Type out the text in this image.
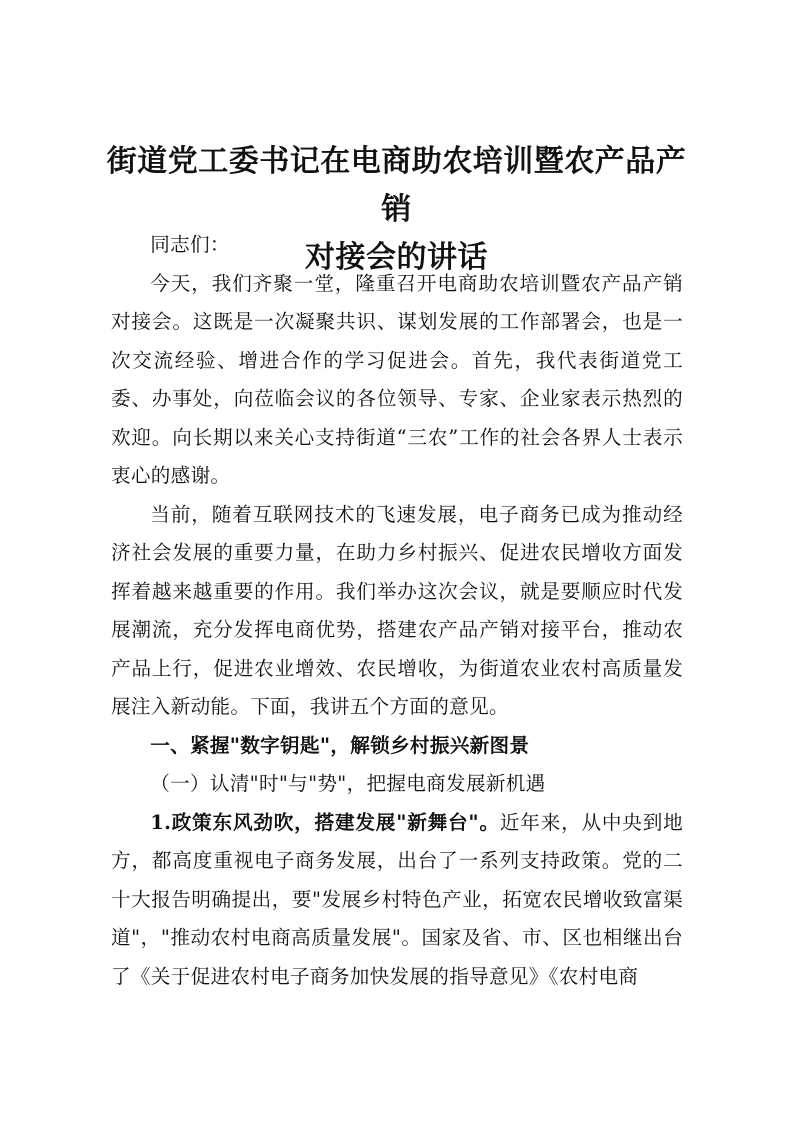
街道党工委书记在电商助农培训暨农产品产销
对接会的讲话

同志们：

今天，我们齐聚一堂，隆重召开电商助农培训暨农产品产销对接会。这既是一次凝聚共识、谋划发展的工作部署会，也是一次交流经验、增进合作的学习促进会。首先，我代表街道党工委、办事处，向莅临会议的各位领导、专家、企业家表示热烈的欢迎。向长期以来关心支持街道“三农”工作的社会各界人士表示衷心的感谢。

当前，随着互联网技术的飞速发展，电子商务已成为推动经济社会发展的重要力量，在助力乡村振兴、促进农民增收方面发挥着越来越重要的作用。我们举办这次会议，就是要顺应时代发展潮流，充分发挥电商优势，搭建农产品产销对接平台，推动农产品上行，促进农业增效、农民增收，为街道农业农村高质量发展注入新动能。下面，我讲五个方面的意见。

一、紧握"数字钥匙"，解锁乡村振兴新图景

（一）认清"时"与"势"，把握电商发展新机遇

1.政策东风劲吹，搭建发展"新舞台"。近年来，从中央到地方，都高度重视电子商务发展，出台了一系列支持政策。党的二十大报告明确提出，要"发展乡村特色产业，拓宽农民增收致富渠道"，"推动农村电商高质量发展"。国家及省、市、区也相继出台了《关于促进农村电子商务加快发展的指导意见》《农村电商
